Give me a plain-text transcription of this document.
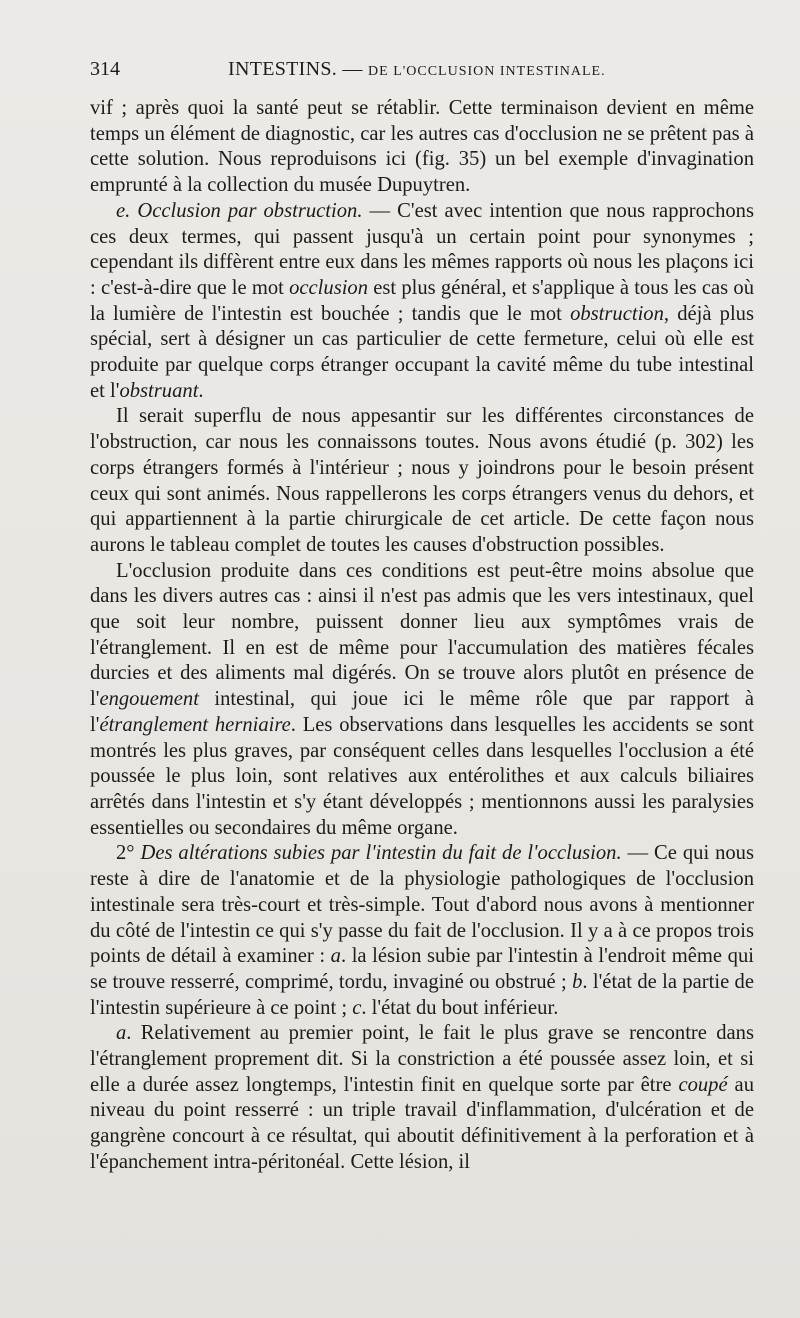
314	INTESTINS. — DE L'OCCLUSION INTESTINALE.

vif ; après quoi la santé peut se rétablir. Cette terminaison devient en même temps un élément de diagnostic, car les autres cas d'occlusion ne se prêtent pas à cette solution. Nous reproduisons ici (fig. 35) un bel exemple d'invagination emprunté à la collection du musée Dupuytren.

e. Occlusion par obstruction. — C'est avec intention que nous rapprochons ces deux termes, qui passent jusqu'à un certain point pour synonymes ; cependant ils diffèrent entre eux dans les mêmes rapports où nous les plaçons ici : c'est-à-dire que le mot occlusion est plus général, et s'applique à tous les cas où la lumière de l'intestin est bouchée ; tandis que le mot obstruction, déjà plus spécial, sert à désigner un cas particulier de cette fermeture, celui où elle est produite par quelque corps étranger occupant la cavité même du tube intestinal et l'obstruant.

Il serait superflu de nous appesantir sur les différentes circonstances de l'obstruction, car nous les connaissons toutes. Nous avons étudié (p. 302) les corps étrangers formés à l'intérieur ; nous y joindrons pour le besoin présent ceux qui sont animés. Nous rappellerons les corps étrangers venus du dehors, et qui appartiennent à la partie chirurgicale de cet article. De cette façon nous aurons le tableau complet de toutes les causes d'obstruction possibles.

L'occlusion produite dans ces conditions est peut-être moins absolue que dans les divers autres cas : ainsi il n'est pas admis que les vers intestinaux, quel que soit leur nombre, puissent donner lieu aux symptômes vrais de l'étranglement. Il en est de même pour l'accumulation des matières fécales durcies et des aliments mal digérés. On se trouve alors plutôt en présence de l'engouement intestinal, qui joue ici le même rôle que par rapport à l'étranglement herniaire. Les observations dans lesquelles les accidents se sont montrés les plus graves, par conséquent celles dans lesquelles l'occlusion a été poussée le plus loin, sont relatives aux entérolithes et aux calculs biliaires arrêtés dans l'intestin et s'y étant développés ; mentionnons aussi les paralysies essentielles ou secondaires du même organe.

2° Des altérations subies par l'intestin du fait de l'occlusion. — Ce qui nous reste à dire de l'anatomie et de la physiologie pathologiques de l'occlusion intestinale sera très-court et très-simple. Tout d'abord nous avons à mentionner du côté de l'intestin ce qui s'y passe du fait de l'occlusion. Il y a à ce propos trois points de détail à examiner : a. la lésion subie par l'intestin à l'endroit même qui se trouve resserré, comprimé, tordu, invaginé ou obstrué ; b. l'état de la partie de l'intestin supérieure à ce point ; c. l'état du bout inférieur.

a. Relativement au premier point, le fait le plus grave se rencontre dans l'étranglement proprement dit. Si la constriction a été poussée assez loin, et si elle a durée assez longtemps, l'intestin finit en quelque sorte par être coupé au niveau du point resserré : un triple travail d'inflammation, d'ulcération et de gangrène concourt à ce résultat, qui aboutit définitivement à la perforation et à l'épanchement intra-péritonéal. Cette lésion, il
